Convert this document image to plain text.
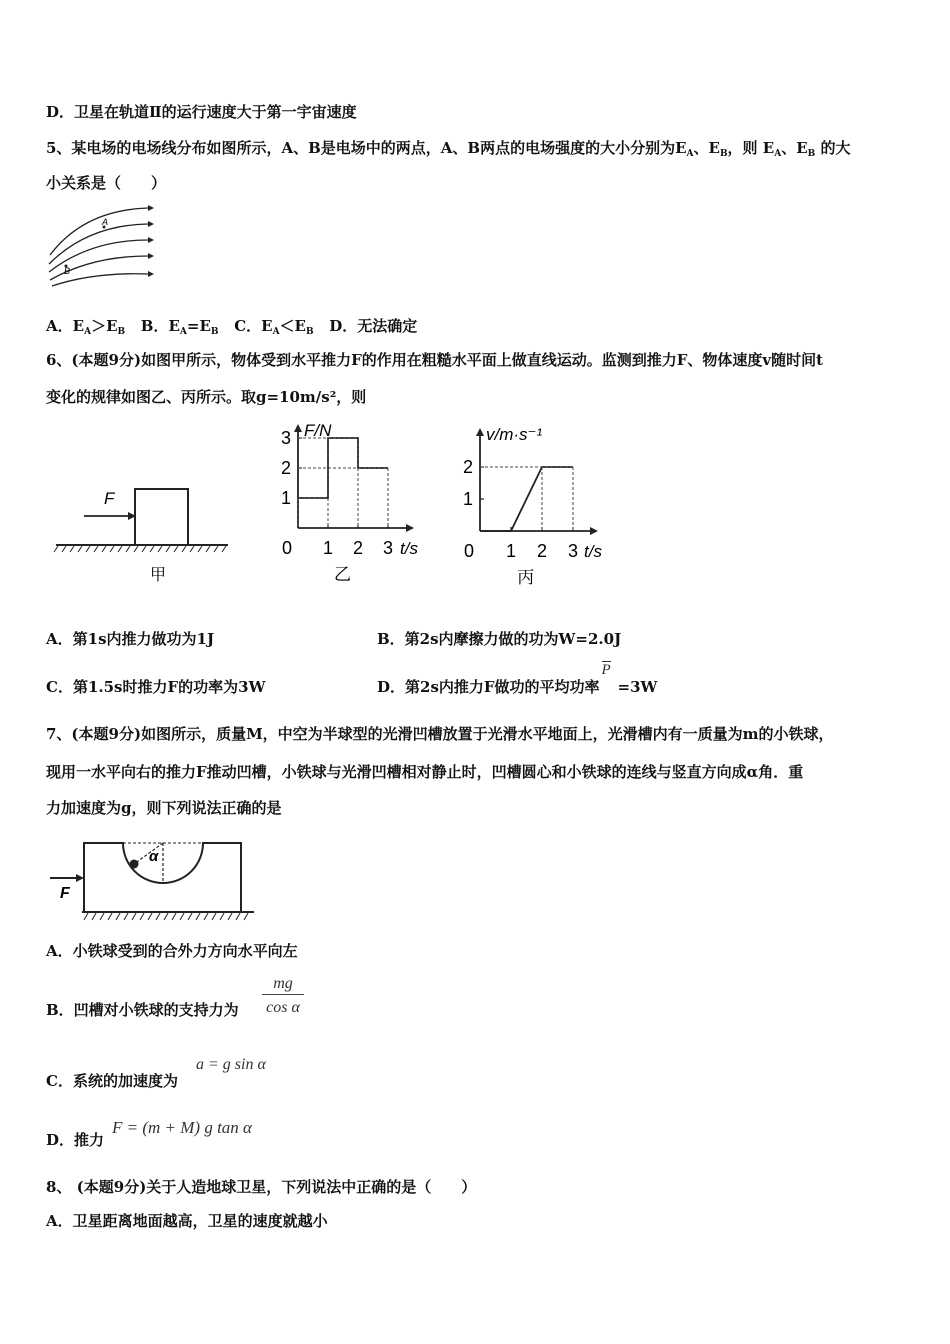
D．卫星在轨道Ⅱ的运行速度大于第一宇宙速度
5、某电场的电场线分布如图所示，A、B是电场中的两点，A、B两点的电场强度的大小分别为$E_A$、$E_B$，则 $E_A$、$E_B$ 的大
小关系是（　　）
A
B
A．$E_A>E_B$ B．$E_A=E_B$ C．$E_A<E_B$ D．无法确定
6、(本题9分)如图甲所示，物体受到水平推力F的作用在粗糙水平面上做直线运动。监测到推力F、物体速度v随时间t
变化的规律如图乙、丙所示。取g=10m/s²，则
F
甲
F/N
t/s
0 1 2 3
1
2
3
乙
v/m·s⁻¹
t/s
0 1 2 3
1
2
丙
A．第1s内推力做功为1J	B．第2s内摩擦力做的功为W=2.0J
C．第1.5s时推力F的功率为3W	D．第2s内推力F做功的平均功率
P
=3W
7、(本题9分)如图所示，质量M，中空为半球型的光滑凹槽放置于光滑水平地面上，光滑槽内有一质量为m的小铁球，
现用一水平向右的推力F推动凹槽，小铁球与光滑凹槽相对静止时，凹槽圆心和小铁球的连线与竖直方向成α角．重
力加速度为g，则下列说法正确的是
α
F
A．小铁球受到的合外力方向水平向左
B．凹槽对小铁球的支持力为
mg
cos α
C．系统的加速度为
a = g sin α
D．推力
F = (m + M) g tan α
8、 (本题9分)关于人造地球卫星，下列说法中正确的是（　　）
A．卫星距离地面越高，卫星的速度就越小
